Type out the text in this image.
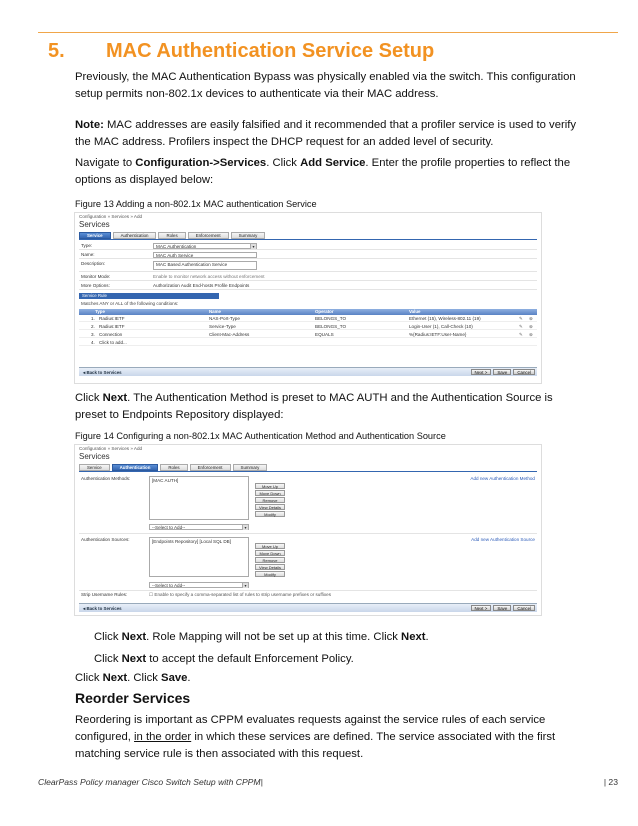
5. MAC Authentication Service Setup
Previously, the MAC Authentication Bypass was physically enabled via the switch. This configuration setup permits non-802.1x devices to authenticate via their MAC address.
Note: MAC addresses are easily falsified and it recommended that a profiler service is used to verify the MAC address. Profilers inspect the DHCP request for an added level of security.
Navigate to Configuration->Services. Click Add Service. Enter the profile properties to reflect the options as displayed below:
Figure 13 Adding a non-802.1x MAC authentication Service
Configuration » Services » Add
Services
Service	Authentication	Roles	Enforcement	Summary
Type:	MAC Authentication	▾
Name:	MAC Auth Service
Description:	MAC Based Authentication Service
Monitor Mode:	Enable to monitor network access without enforcement
More Options:	Authorization Audit End-hosts Profile Endpoints
Service Rule
Matches ANY or ALL of the following conditions:
Type	Name	Operator	Value
1. Radius:IETF	NAS-Port-Type	BELONGS_TO	Ethernet (15), Wireless-802.11 (19)	✎ ⊗
2. Radius:IETF	Service-Type	BELONGS_TO	Login-User (1), Call-Check (10)	✎ ⊗
3. Connection	Client-Mac-Address	EQUALS	%{Radius:IETF:User-Name}	✎ ⊗
4. Click to add...
◂ Back to Services	Next >	Save	Cancel
Click Next. The Authentication Method is preset to MAC AUTH and the Authentication Source is preset to Endpoints Repository displayed:
Figure 14 Configuring a non-802.1x MAC Authentication Method and Authentication Source
Configuration » Services » Add
Services
Service	Authentication	Roles	Enforcement	Summary
Authentication Methods:	[MAC AUTH]
Move Up
Move Down
Remove
View Details
Modify
Add new Authentication Method
--Select to Add--	▾
Authentication Sources:	[Endpoints Repository] [Local SQL DB]
Move Up
Move Down
Remove
View Details
Modify
Add new Authentication Source
--Select to Add--	▾
Strip Username Rules:	☐ Enable to specify a comma-separated list of rules to strip username prefixes or suffixes
◂ Back to Services	Next >	Save	Cancel
Click Next. Role Mapping will not be set up at this time. Click Next.
Click Next to accept the default Enforcement Policy.
Click Next. Click Save.
Reorder Services
Reordering is important as CPPM evaluates requests against the service rules of each service configured, in the order in which these services are defined. The service associated with the first matching service rule is then associated with this request.
ClearPass Policy manager Cisco Switch Setup with CPPM|	| 23
